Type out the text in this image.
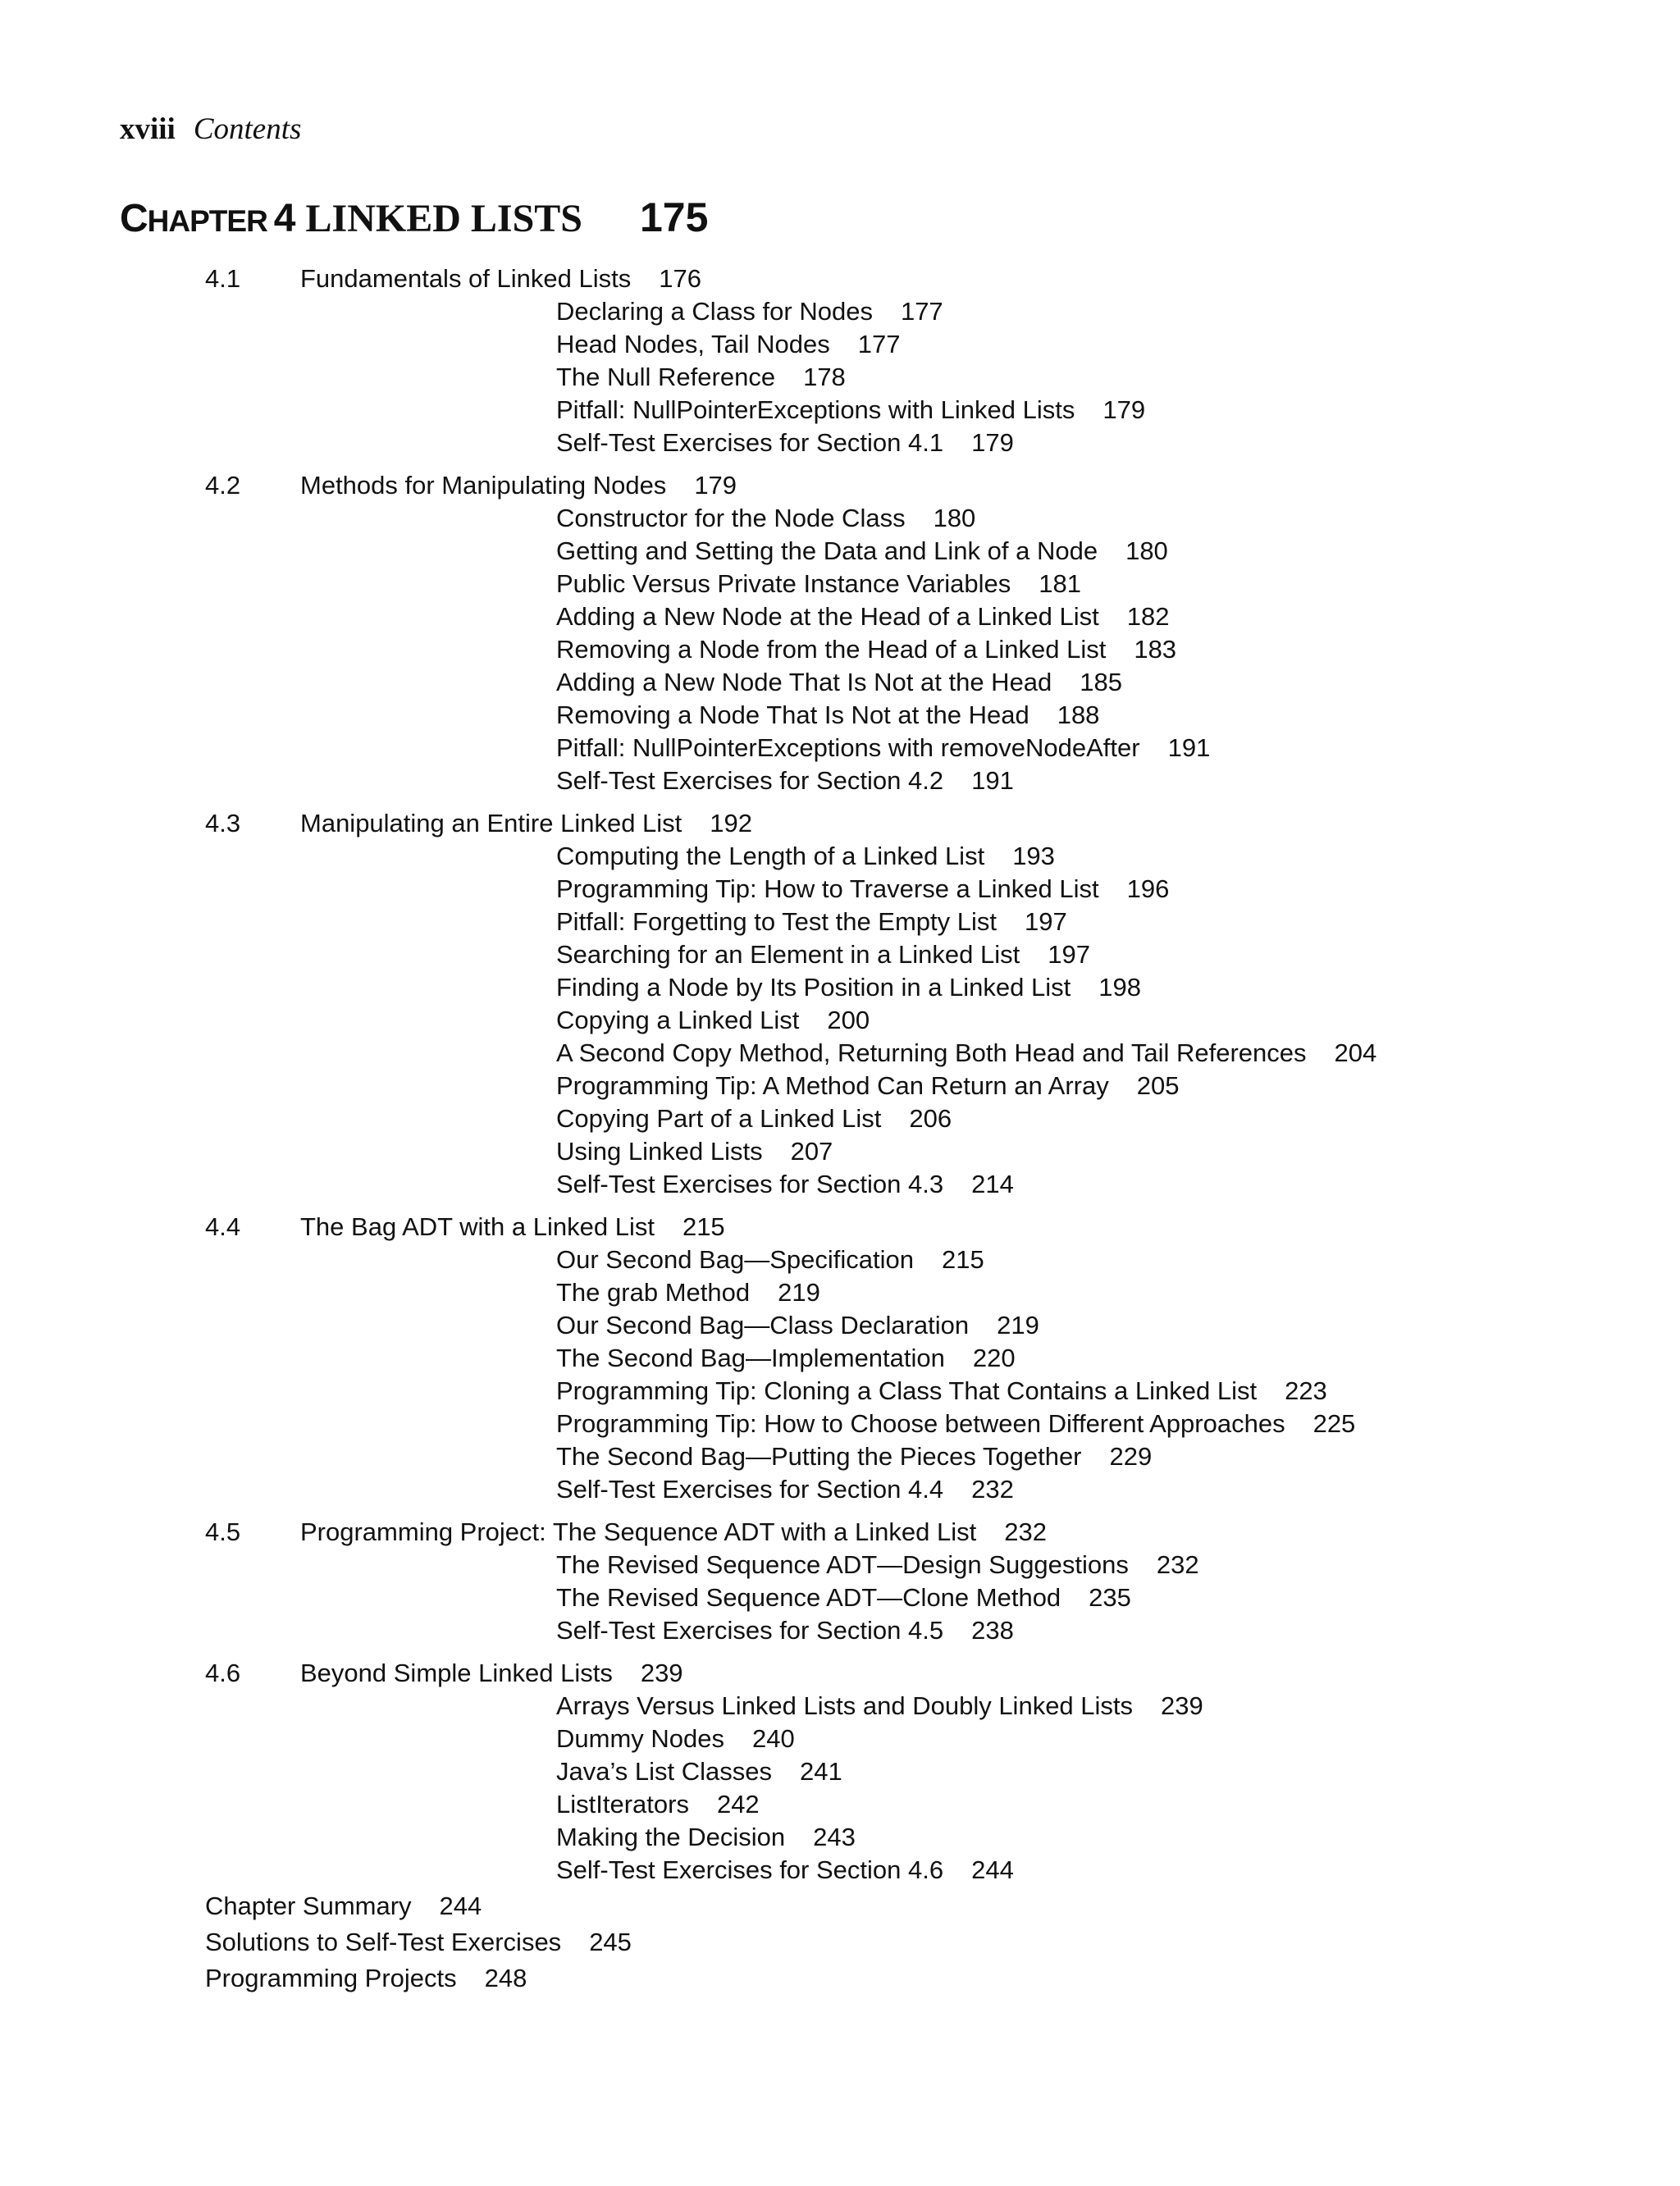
xviii Contents
CHAPTER 4 LINKED LISTS 175
4.1 Fundamentals of Linked Lists 176
Declaring a Class for Nodes 177
Head Nodes, Tail Nodes 177
The Null Reference 178
Pitfall: NullPointerExceptions with Linked Lists 179
Self-Test Exercises for Section 4.1 179
4.2 Methods for Manipulating Nodes 179
Constructor for the Node Class 180
Getting and Setting the Data and Link of a Node 180
Public Versus Private Instance Variables 181
Adding a New Node at the Head of a Linked List 182
Removing a Node from the Head of a Linked List 183
Adding a New Node That Is Not at the Head 185
Removing a Node That Is Not at the Head 188
Pitfall: NullPointerExceptions with removeNodeAfter 191
Self-Test Exercises for Section 4.2 191
4.3 Manipulating an Entire Linked List 192
Computing the Length of a Linked List 193
Programming Tip: How to Traverse a Linked List 196
Pitfall: Forgetting to Test the Empty List 197
Searching for an Element in a Linked List 197
Finding a Node by Its Position in a Linked List 198
Copying a Linked List 200
A Second Copy Method, Returning Both Head and Tail References 204
Programming Tip: A Method Can Return an Array 205
Copying Part of a Linked List 206
Using Linked Lists 207
Self-Test Exercises for Section 4.3 214
4.4 The Bag ADT with a Linked List 215
Our Second Bag—Specification 215
The grab Method 219
Our Second Bag—Class Declaration 219
The Second Bag—Implementation 220
Programming Tip: Cloning a Class That Contains a Linked List 223
Programming Tip: How to Choose between Different Approaches 225
The Second Bag—Putting the Pieces Together 229
Self-Test Exercises for Section 4.4 232
4.5 Programming Project: The Sequence ADT with a Linked List 232
The Revised Sequence ADT—Design Suggestions 232
The Revised Sequence ADT—Clone Method 235
Self-Test Exercises for Section 4.5 238
4.6 Beyond Simple Linked Lists 239
Arrays Versus Linked Lists and Doubly Linked Lists 239
Dummy Nodes 240
Java’s List Classes 241
ListIterators 242
Making the Decision 243
Self-Test Exercises for Section 4.6 244
Chapter Summary 244
Solutions to Self-Test Exercises 245
Programming Projects 248
